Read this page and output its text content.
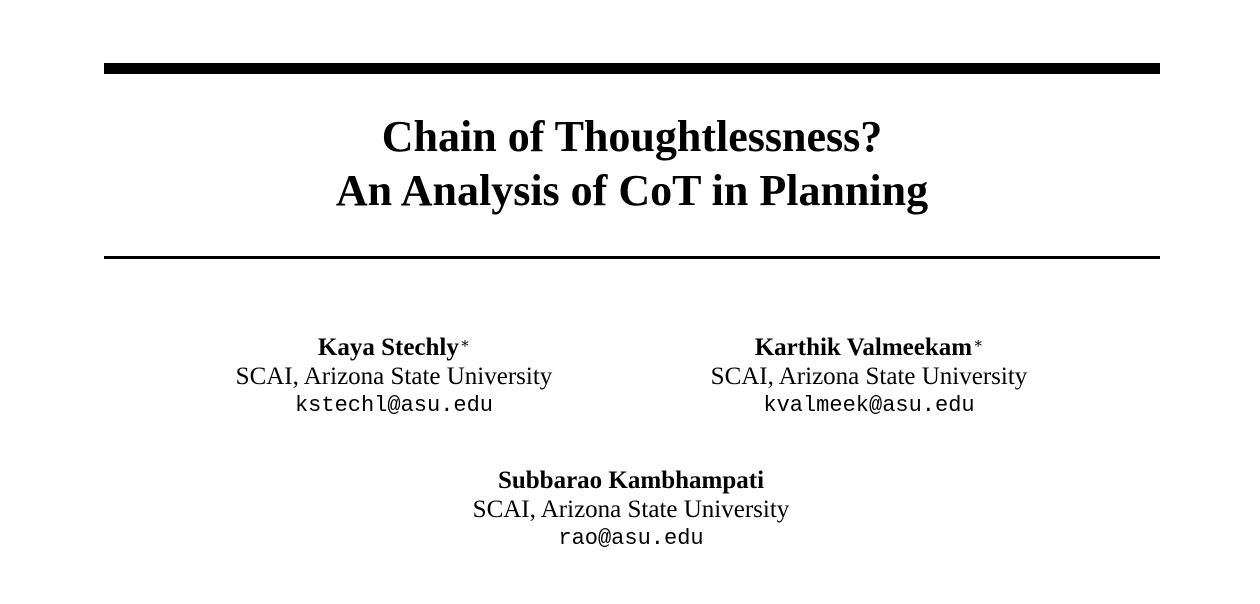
Chain of Thoughtlessness?
An Analysis of CoT in Planning
Kaya Stechly∗
SCAI, Arizona State University
kstechl@asu.edu
Karthik Valmeekam∗
SCAI, Arizona State University
kvalmeek@asu.edu
Subbarao Kambhampati
SCAI, Arizona State University
rao@asu.edu
